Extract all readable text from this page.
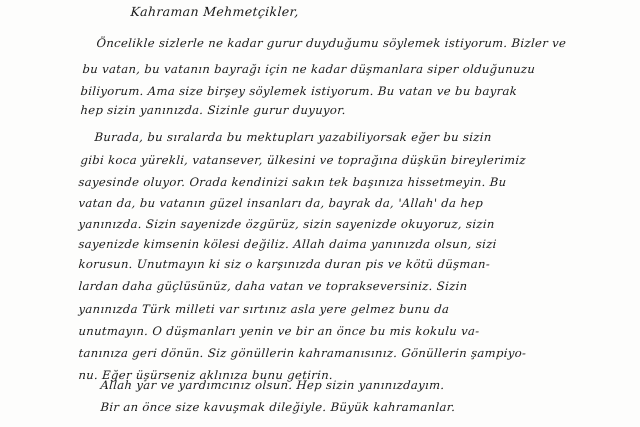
Kahraman Mehmetçikler,
Öncelikle sizlerle ne kadar gurur duyduğumu söylemek istiyorum. Bizler ve
bu vatan, bu vatanın bayrağı için ne kadar düşmanlara siper olduğunuzu
biliyorum. Ama size birşey söylemek istiyorum. Bu vatan ve bu bayrak
hep sizin yanınızda. Sizinle gurur duyuyor.
Burada, bu sıralarda bu mektupları yazabiliyorsak eğer bu sizin
gibi koca yürekli, vatansever, ülkesini ve toprağına düşkün bireylerimiz
sayesinde oluyor. Orada kendinizi sakın tek başınıza hissetmeyin. Bu
vatan da, bu vatanın güzel insanları da, bayrak da, 'Allah' da hep
yanınızda. Sizin sayenizde özgürüz, sizin sayenizde okuyoruz, sizin
sayenizde kimsenin kölesi değiliz. Allah daima yanınızda olsun, sizi
korusun. Unutmayın ki siz o karşınızda duran pis ve kötü düşman-
lardan daha güçlüsünüz, daha vatan ve toprakseversiniz. Sizin
yanınızda Türk milleti var sırtınız asla yere gelmez bunu da
unutmayın. O düşmanları yenin ve bir an önce bu mis kokulu va-
tanınıza geri dönün. Siz gönüllerin kahramanısınız. Gönüllerin şampiyo-
nu. Eğer üşürseniz aklınıza bunu getirin.
Allah yar ve yardımcınız olsun. Hep sizin yanınızdayım.
Bir an önce size kavuşmak dileğiyle. Büyük kahramanlar.
